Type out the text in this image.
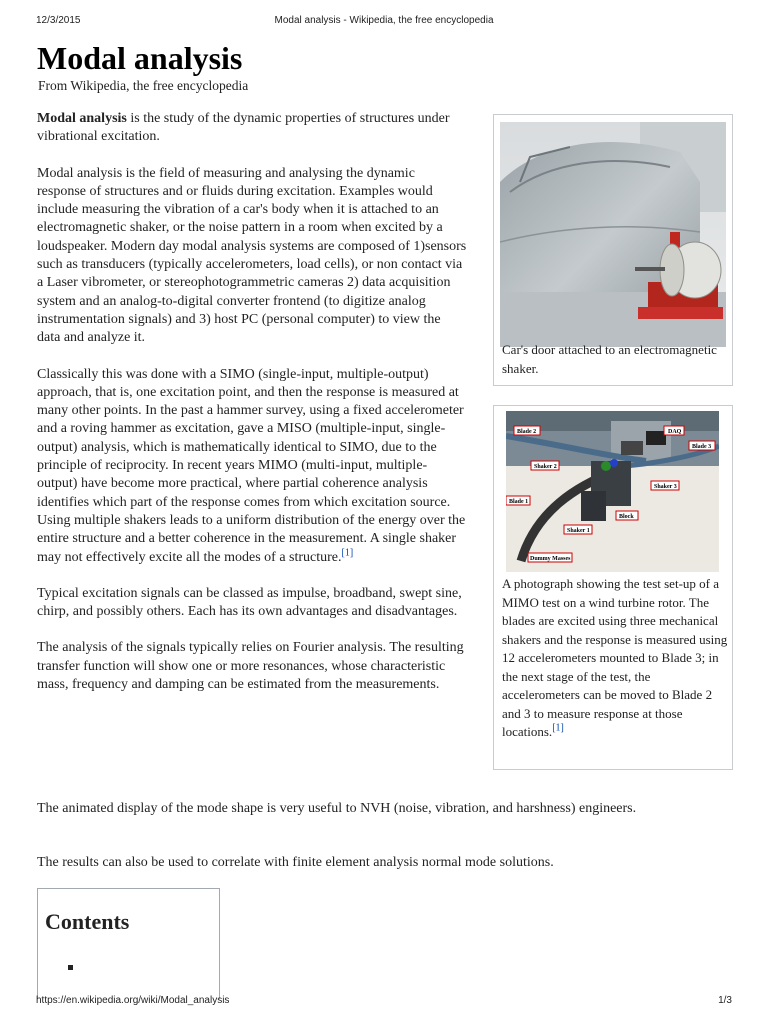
12/3/2015	Modal analysis - Wikipedia, the free encyclopedia
Modal analysis
From Wikipedia, the free encyclopedia

Modal analysis is the study of the dynamic properties of structures under vibrational excitation.

Modal analysis is the field of measuring and analysing the dynamic response of structures and or fluids during excitation. Examples would include measuring the vibration of a car's body when it is attached to an electromagnetic shaker, or the noise pattern in a room when excited by a loudspeaker. Modern day modal analysis systems are composed of 1)sensors such as transducers (typically accelerometers, load cells), or non contact via a Laser vibrometer, or stereophotogrammetric cameras 2) data acquisition system and an analog-to-digital converter frontend (to digitize analog instrumentation signals) and 3) host PC (personal computer) to view the data and analyze it.

Classically this was done with a SIMO (single-input, multiple-output) approach, that is, one excitation point, and then the response is measured at many other points. In the past a hammer survey, using a fixed accelerometer and a roving hammer as excitation, gave a MISO (multiple-input, single-output) analysis, which is mathematically identical to SIMO, due to the principle of reciprocity. In recent years MIMO (multi-input, multiple-output) have become more practical, where partial coherence analysis identifies which part of the response comes from which excitation source. Using multiple shakers leads to a uniform distribution of the energy over the entire structure and a better coherence in the measurement. A single shaker may not effectively excite all the modes of a structure.[1]

Typical excitation signals can be classed as impulse, broadband, swept sine, chirp, and possibly others. Each has its own advantages and disadvantages.

The analysis of the signals typically relies on Fourier analysis. The resulting transfer function will show one or more resonances, whose characteristic mass, frequency and damping can be estimated from the measurements.

The animated display of the mode shape is very useful to NVH (noise, vibration, and harshness) engineers.

The results can also be used to correlate with finite element analysis normal mode solutions.

Car's door attached to an electromagnetic shaker.
Blade 2	DAQ
Blade 3
Shaker 2
Shaker 3
Blade 1
Block
Shaker 1
Dummy Masses
A photograph showing the test set-up of a MIMO test on a wind turbine rotor. The blades are excited using three mechanical shakers and the response is measured using 12 accelerometers mounted to Blade 3; in the next stage of the test, the accelerometers can be moved to Blade 2 and 3 to measure response at those locations.[1]
Contents
https://en.wikipedia.org/wiki/Modal_analysis	1/3
